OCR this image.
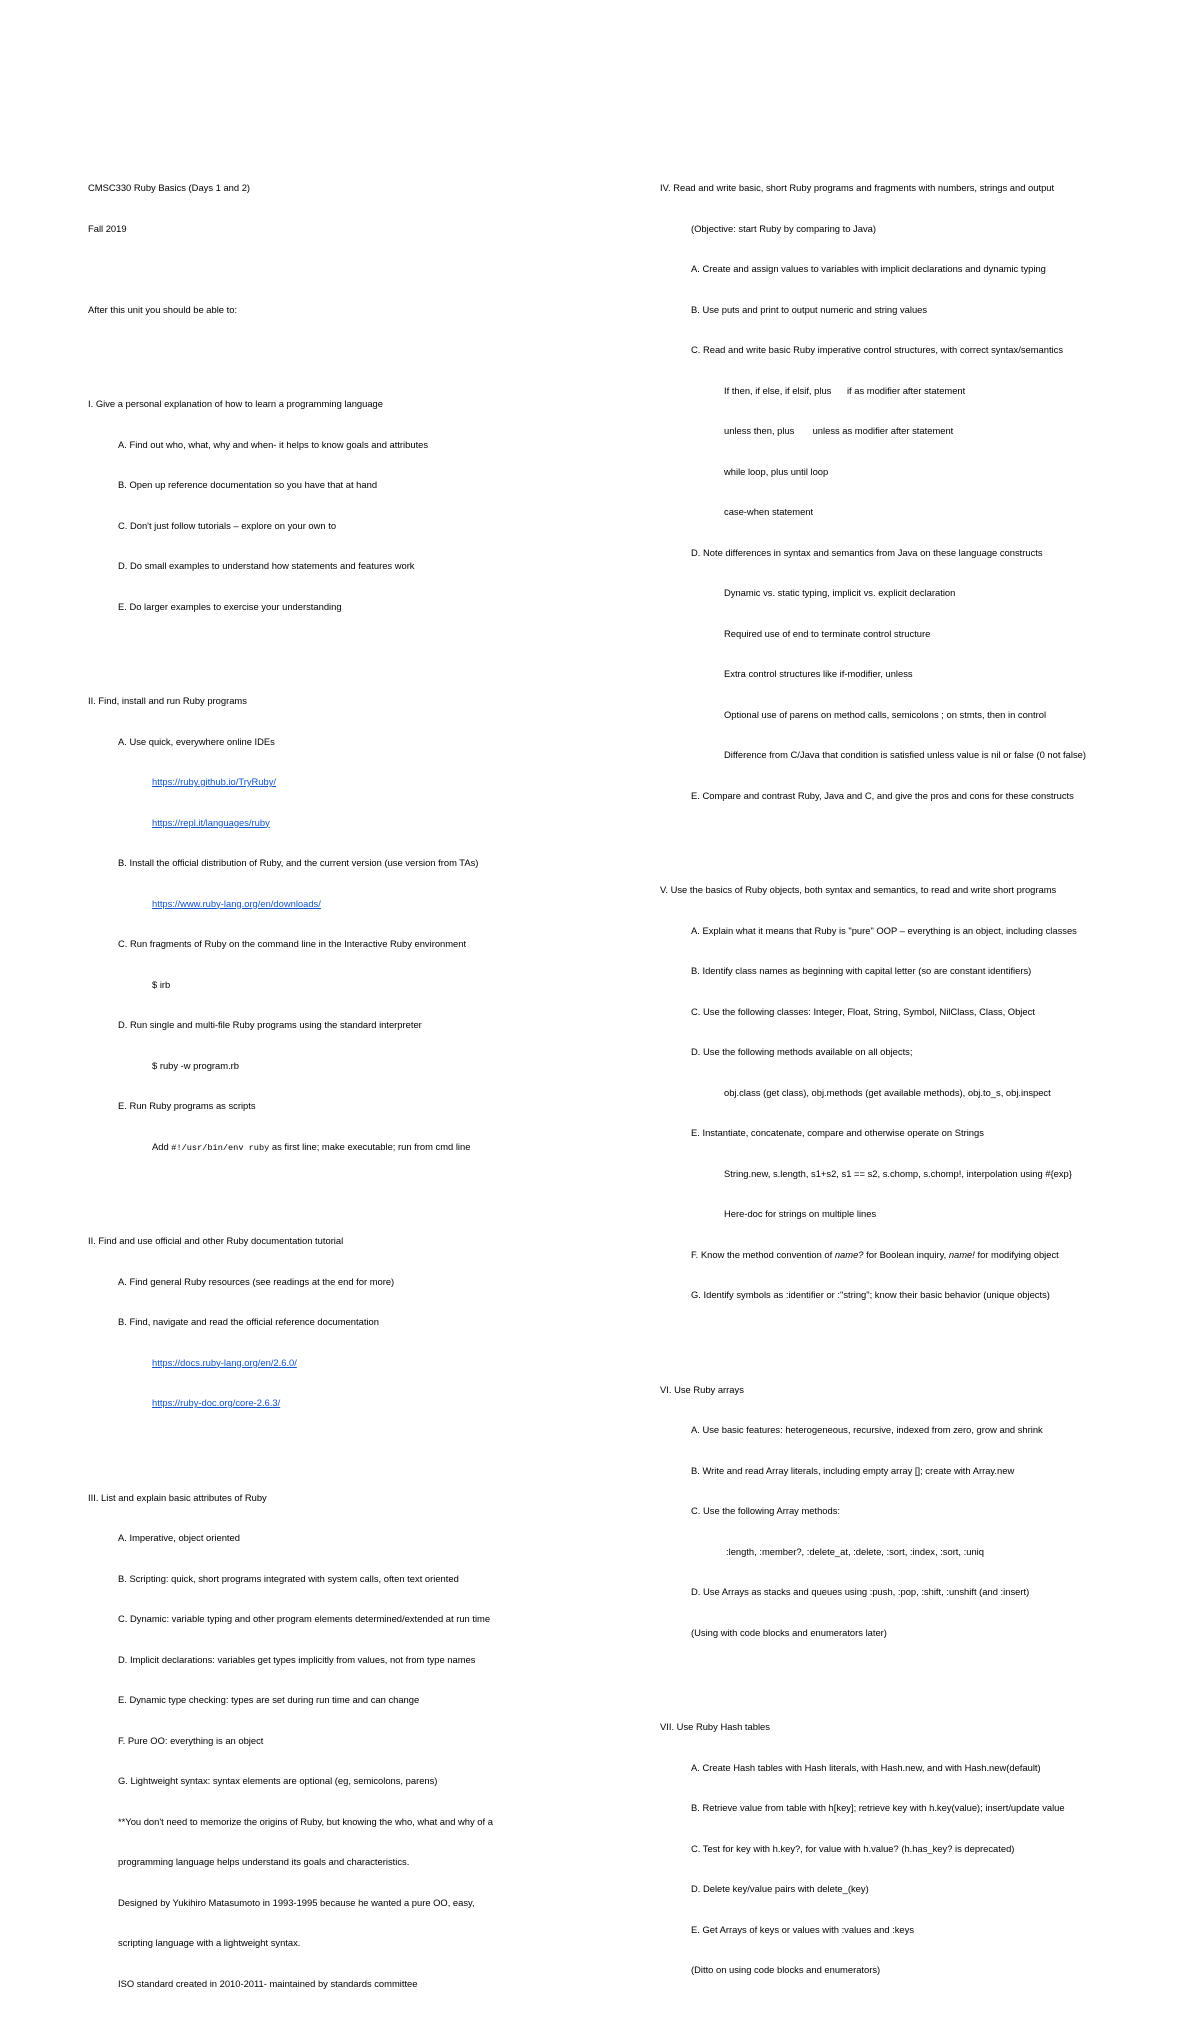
CMSC330 Ruby Basics (Days 1 and 2)

Fall 2019

After this unit you should be able to:

I. Give a personal explanation of how to learn a programming language

A. Find out who, what, why and when- it helps to know goals and attributes

B. Open up reference documentation so you have that at hand

C. Don't just follow tutorials – explore on your own to

D. Do small examples to understand how statements and features work

E. Do larger examples to exercise your understanding

II. Find, install and run Ruby programs

A. Use quick, everywhere online IDEs

https://ruby.github.io/TryRuby/

https://repl.it/languages/ruby

B. Install the official distribution of Ruby, and the current version (use version from TAs)

https://www.ruby-lang.org/en/downloads/

C. Run fragments of Ruby on the command line in the Interactive Ruby environment

$ irb

D. Run single and multi-file Ruby programs using the standard interpreter

$ ruby -w program.rb

E. Run Ruby programs as scripts

Add #!/usr/bin/env ruby as first line; make executable; run from cmd line

II. Find and use official and other Ruby documentation tutorial

A. Find general Ruby resources (see readings at the end for more)

B. Find, navigate and read the official reference documentation

https://docs.ruby-lang.org/en/2.6.0/

https://ruby-doc.org/core-2.6.3/

III. List and explain basic attributes of Ruby

A. Imperative, object oriented

B. Scripting: quick, short programs integrated with system calls, often text oriented

C. Dynamic: variable typing and other program elements determined/extended at run time

D. Implicit declarations: variables get types implicitly from values, not from type names

E. Dynamic type checking: types are set during run time and can change

F. Pure OO: everything is an object

G. Lightweight syntax: syntax elements are optional (eg, semicolons, parens)

**You don't need to memorize the origins of Ruby, but knowing the who, what and why of a

programming language helps understand its goals and characteristics.

Designed by Yukihiro Matasumoto in 1993-1995 because he wanted a pure OO, easy,

scripting language with a lightweight syntax.

ISO standard created in 2010-2011- maintained by standards committee

IV. Read and write basic, short Ruby programs and fragments with numbers, strings and output

(Objective: start Ruby by comparing to Java)

A. Create and assign values to variables with implicit declarations and dynamic typing

B. Use puts and print to output numeric and string values

C. Read and write basic Ruby imperative control structures, with correct syntax/semantics

If then, if else, if elsif, plus      if as modifier after statement

unless then, plus       unless as modifier after statement

while loop, plus until loop

case-when statement

D. Note differences in syntax and semantics from Java on these language constructs

Dynamic vs. static typing, implicit vs. explicit declaration

Required use of end to terminate control structure

Extra control structures like if-modifier, unless

Optional use of parens on method calls, semicolons ; on stmts, then in control

Difference from C/Java that condition is satisfied unless value is nil or false (0 not false)

E. Compare and contrast Ruby, Java and C, and give the pros and cons for these constructs

V. Use the basics of Ruby objects, both syntax and semantics, to read and write short programs

A. Explain what it means that Ruby is "pure" OOP – everything is an object, including classes

B. Identify class names as beginning with capital letter (so are constant identifiers)

C. Use the following classes: Integer, Float, String, Symbol, NilClass, Class, Object

D. Use the following methods available on all objects;

obj.class (get class), obj.methods (get available methods), obj.to_s, obj.inspect

E. Instantiate, concatenate, compare and otherwise operate on Strings

String.new, s.length, s1+s2, s1 == s2, s.chomp, s.chomp!, interpolation using #{exp}

Here-doc for strings on multiple lines

F. Know the method convention of name? for Boolean inquiry, name! for modifying object

G. Identify symbols as :identifier or :"string"; know their basic behavior (unique objects)

VI. Use Ruby arrays

A. Use basic features: heterogeneous, recursive, indexed from zero, grow and shrink

B. Write and read Array literals, including empty array []; create with Array.new

C. Use the following Array methods:

:length, :member?, :delete_at, :delete, :sort, :index, :sort, :uniq

D. Use Arrays as stacks and queues using :push, :pop, :shift, :unshift (and :insert)

(Using with code blocks and enumerators later)

VII. Use Ruby Hash tables

A. Create Hash tables with Hash literals, with Hash.new, and with Hash.new(default)

B. Retrieve value from table with h[key]; retrieve key with h.key(value); insert/update value

C. Test for key with h.key?, for value with h.value? (h.has_key? is deprecated)

D. Delete key/value pairs with delete_(key)

E. Get Arrays of keys or values with :values and :keys

(Ditto on using code blocks and enumerators)
